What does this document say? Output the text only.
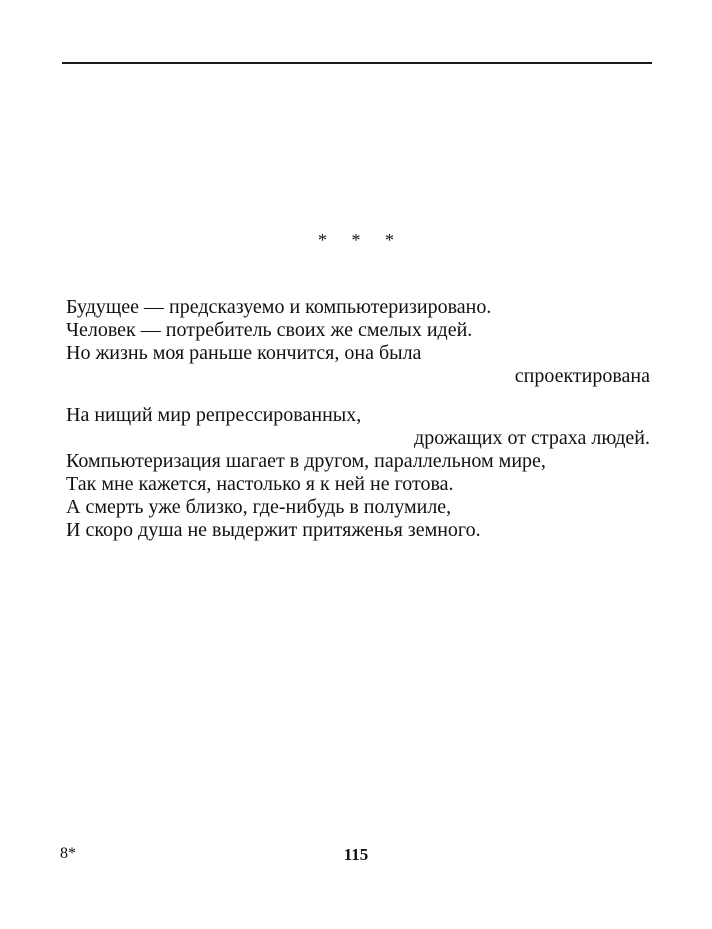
* * *
Будущее — предсказуемо и компьютеризировано.
Человек — потребитель своих же смелых идей.
Но жизнь моя раньше кончится, она была
спроектирована
На нищий мир репрессированных,
дрожащих от страха людей.
Компьютеризация шагает в другом, параллельном мире,
Так мне кажется, настолько я к ней не готова.
А смерть уже близко, где-нибудь в полумиле,
И скоро душа не выдержит притяженья земного.
8*	115
